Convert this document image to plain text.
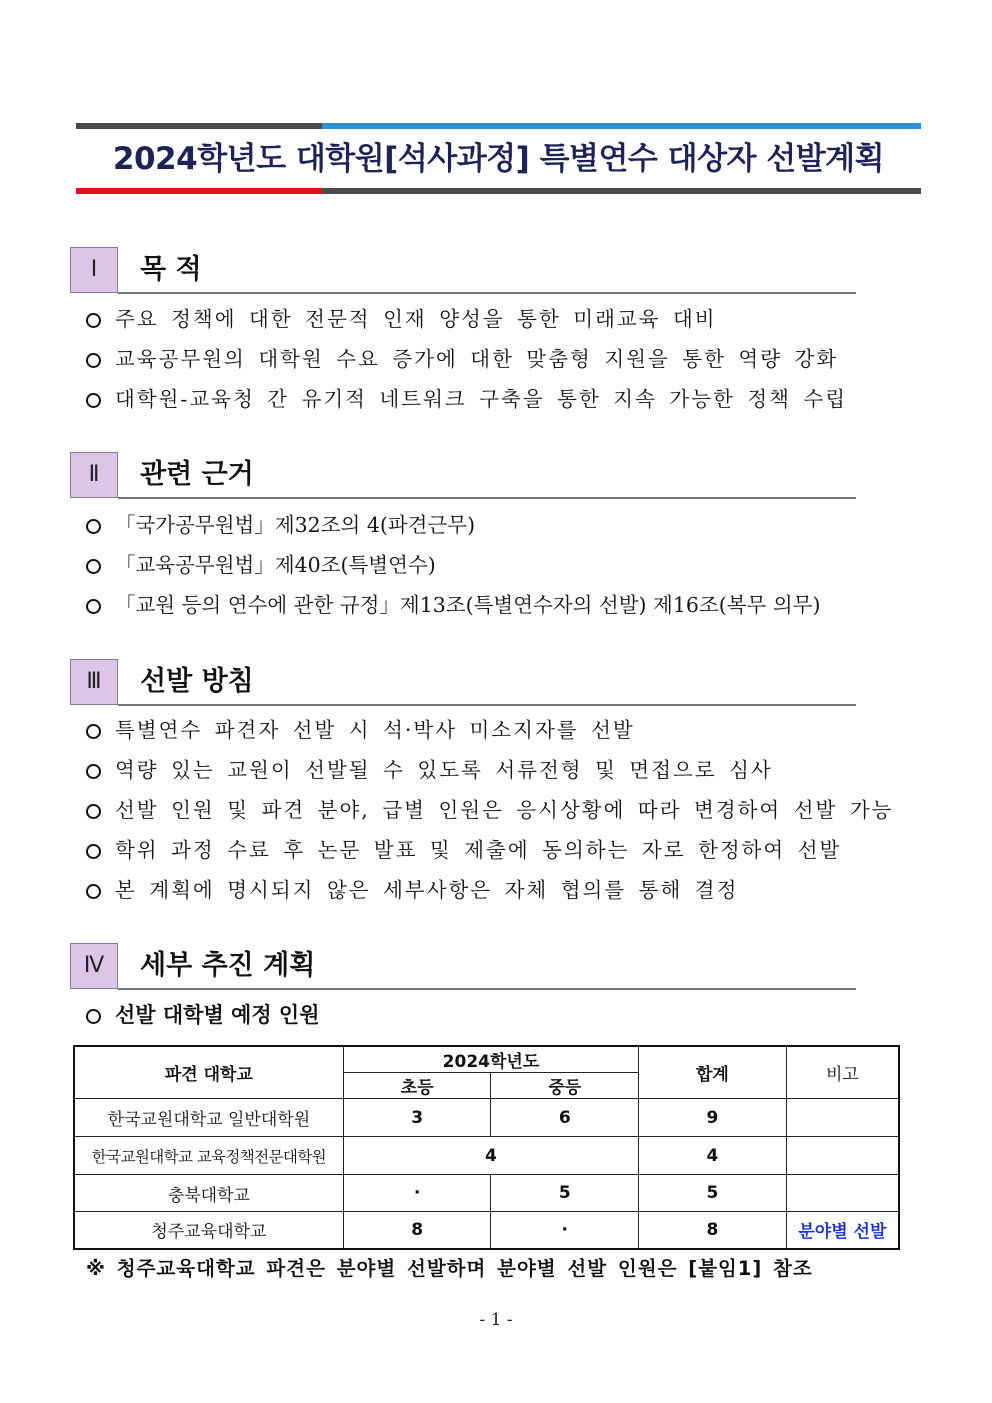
2024학년도 대학원[석사과정] 특별연수 대상자 선발계획
Ⅰ	목 적
주요 정책에 대한 전문적 인재 양성을 통한 미래교육 대비
교육공무원의 대학원 수요 증가에 대한 맞춤형 지원을 통한 역량 강화
대학원-교육청 간 유기적 네트워크 구축을 통한 지속 가능한 정책 수립
Ⅱ	관련 근거
「국가공무원법」제32조의 4(파견근무)
「교육공무원법」제40조(특별연수)
「교원 등의 연수에 관한 규정」제13조(특별연수자의 선발) 제16조(복무 의무)
Ⅲ	선발 방침
특별연수 파견자 선발 시 석·박사 미소지자를 선발
역량 있는 교원이 선발될 수 있도록 서류전형 및 면접으로 심사
선발 인원 및 파견 분야, 급별 인원은 응시상황에 따라 변경하여 선발 가능
학위 과정 수료 후 논문 발표 및 제출에 동의하는 자로 한정하여 선발
본 계획에 명시되지 않은 세부사항은 자체 협의를 통해 결정
Ⅳ	세부 추진 계획
선발 대학별 예정 인원
파견 대학교	2024학년도		합계	비고
	초등	중등		
한국교원대학교 일반대학원	3	6	9	
한국교원대학교 교육정책전문대학원	4		4	
충북대학교	·	5	5	
청주교육대학교	8	·	8	분야별 선발
※ 청주교육대학교 파견은 분야별 선발하며 분야별 선발 인원은 [붙임1] 참조
- 1 -
